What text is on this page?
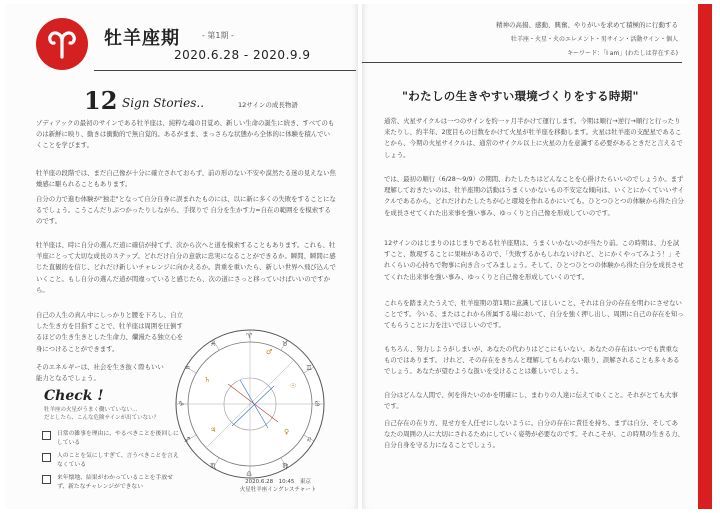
牡羊座期	- 第1期 -
2020.6.28 - 2020.9.9
12 Sign Stories..	12サインの成長物語

ゾディアックの最初のサインである牡羊座は、純粋な魂の目覚め、新しい生命の誕生に続き、すべてのものは新鮮に映り、動きは衝動的で無自覚的。あるがまま、まっさらな状態から全体的に体験を積んでいくことを学びます。

牡羊座の段階では、まだ自己像が十分に確立されておらず、前の形のない不安や漠然たる迷の見えない焦燥感に駆られることもあります。

自分の力で進む体験が"独走"となって自分自身に誤まれたものには、以に新に多くの失敗をすることになるでしょう。こうこんだりぶつかったりしながら、手探りで 自分を生かす力=自在の範囲をを模索するのです。

牡羊座は、時に自分の選んだ道に確信が持てず、次から次へと道を模索することもあります。これも、牡羊座にとって大切な成長のステップ。どれだけ自分の意欲に忠実になることができるか。瞬間、瞬間に感じた直観的を信じ、どれだけ新しいチャレンジに向かえるか。貴重を重いたら、新しい世界へ飛び込んでいくこと。もし自分の選んだ道が間違っていると感じたら、次の道にさっと移っていけばいいのですから。

自己の人生の真ん中にしっかりと腰を下ろし、自立した生き方を目指すことで、牡羊座は周囲を圧倒するほどの生き生きとした生命力、爛漫たる独立心を身につけることができます。

そのエネルギーは、社会を生き抜く際もいい能力となるでしょう。

♈
♉
♊
♋
♌
♍
♎
♏
♐
♑
♒
♓
♂
☉
♀
♃
♄
2020.6.28　10:45　東京
火星牡羊座イングレスチャート
Check !
牡羊座の火星がうまく働いていない…
だとしたら、こんな危険サインが出ていない？
日常の雑事を理由に、やるべきことを後回しにしている
人のことを気にしすぎて、言うべきことを言えなくている
来年懐地、結果がわかっていることを手放せず、新たなチャレンジができない
精神の高揚、感動、興奮、やりがいを求めて積極的に行動する
牡羊座・火星・火のエレメント・男サイン・活動サイン・個人
キーワード：「I am」(わたしは存在する)
"わたしの生きやすい環境づくりをする時期"

通常、火星サイクルは一つのサインを約一ヶ月半かけて運行します。今期は順行→逆行→順行と行ったり来たりし、約半年、2度目もの日数をかけて火星が牡羊座を移動します。火星は牡羊座の支配星であることから、今期の火星サイクルは、通常のサイクル以上に火星の力を意識する必要があるときだと言えるでしょう。

では、最初の順行（6/28〜9/9）の期間、わたしたちはどんなことを心掛けたらいいのでしょうか。まず理解しておきたいのは、牡羊座期の活動はうまくいかないもの不安定な傾向は、いくとにかくていいサイクルであるから、どれだけわたしたちが心と環境を作れるかにいても。ひとつひとつの体験から得た自分を成長させてくれた出来事を強い事み、ゆっくりと自己像を形成していのです。

12サインのはじまりのはじまりである牡羊座期は、うまくいかないのが当たり前。この時期は、力を試すこと、数現することに果味があるので、「失敗するかもしれないけれど、とにかくやってみよう！」それくらいの心持ちで物事に向き合ってみましょう。そして、ひとつひとつの体験から得た自分を成長させてくれた出来事を強い事み、ゆっくりと自己像を形成していくのです。

これらを踏まえたうえで、牡羊座期の第1期に意識してほしいこと、それは自分の存在を明わにさせないことです。今いる、またはこれから所属する場において、自分を強く押し出し、周囲に自己の存在を知ってもらうことに力を注いでほしいのです。

もちろん、努力しようがしまいが、あなたの代わりはどこにもいない。あなたの存在はいつでも貴重なものではあります。 けれど、その存在をきちんと理解してもらわない限り、誤解されることも多々あるでしょう。あなたが望むような扱いを受けることは難しいでしょう。

自分はどんな人間で、何を得たいのかを明確にし、まわりの人達に伝えてゆくこと。それがとても大事です。

自己存在の在り方、見せ方を人任せにしないように。自分の存在に責任を持ち、まずは自分、そしてあなたの周囲の人に大切にされるためにしていく姿勢が必要なのです。それこそが、この時期の生きる力、自分自身を守る力になることでしょう。
